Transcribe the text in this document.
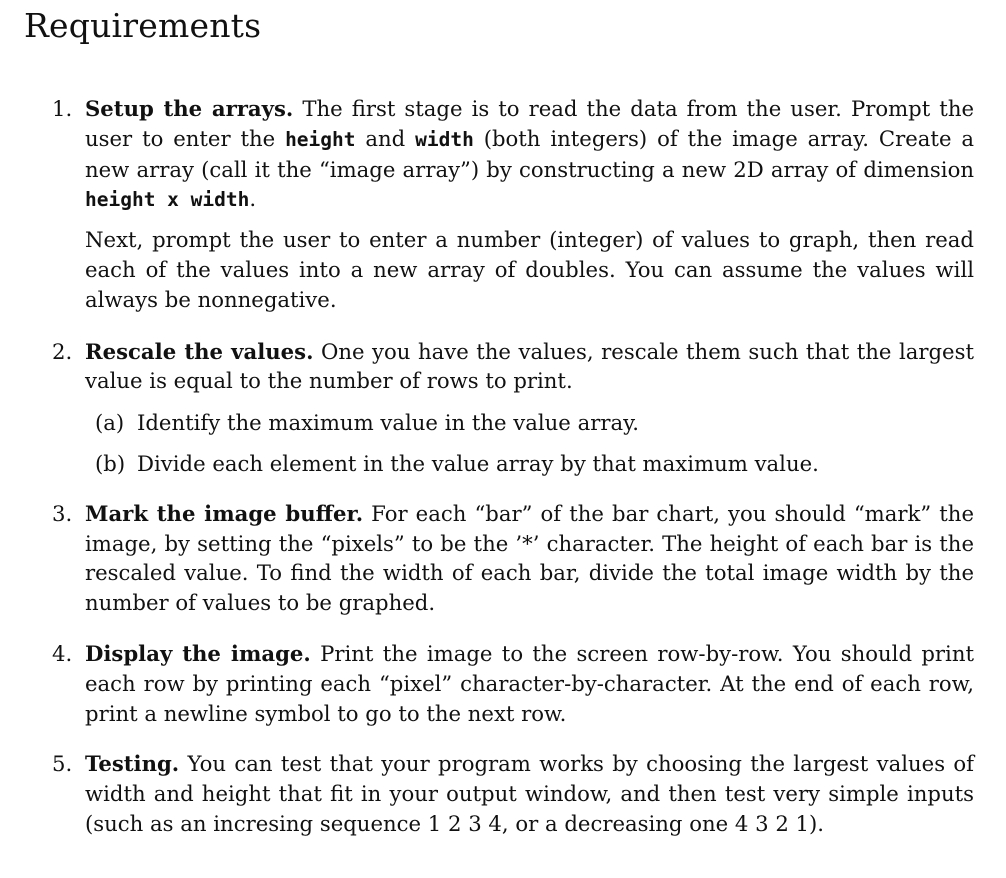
Requirements
1. Setup the arrays. The first stage is to read the data from the user. Prompt the user to enter the height and width (both integers) of the image array. Create a new array (call it the “image array”) by constructing a new 2D array of dimension height x width.

Next, prompt the user to enter a number (integer) of values to graph, then read each of the values into a new array of doubles. You can assume the values will always be nonnegative.

2. Rescale the values. One you have the values, rescale them such that the largest value is equal to the number of rows to print.

(a) Identify the maximum value in the value array.
(b) Divide each element in the value array by that maximum value.
3. Mark the image buffer. For each “bar” of the bar chart, you should “mark” the image, by setting the “pixels” to be the ’*’ character. The height of each bar is the rescaled value. To find the width of each bar, divide the total image width by the number of values to be graphed.

4. Display the image. Print the image to the screen row-by-row. You should print each row by printing each “pixel” character-by-character. At the end of each row, print a newline symbol to go to the next row.

5. Testing. You can test that your program works by choosing the largest values of width and height that fit in your output window, and then test very simple inputs (such as an incresing sequence 1 2 3 4, or a decreasing one 4 3 2 1).
